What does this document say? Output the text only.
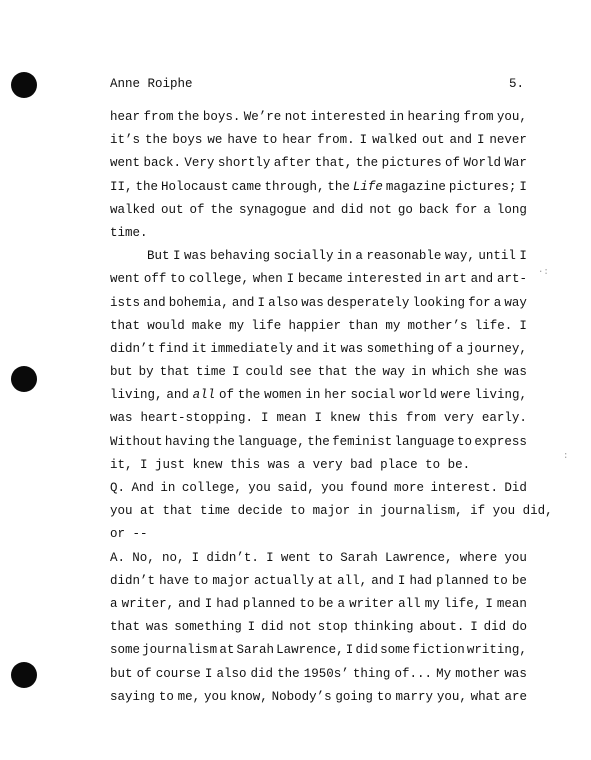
Anne Roiphe	5.
·:
:
hear from the boys. We’re not interested in hearing from you,
it’s the boys we have to hear from. I walked out and I never
went back. Very shortly after that, the pictures of World War
II, the Holocaust came through, the Life magazine pictures; I
walked out of the synagogue and did not go back for a long
time.
But I was behaving socially in a reasonable way, until I
went off to college, when I became interested in art and art-
ists and bohemia, and I also was desperately looking for a way
that would make my life happier than my mother’s life. I
didn’t find it immediately and it was something of a journey,
but by that time I could see that the way in which she was
living, and all of the women in her social world were living,
was heart-stopping. I mean I knew this from very early.
Without having the language, the feminist language to express
it, I just knew this was a very bad place to be.
Q. And in college, you said, you found more interest. Did
you at that time decide to major in journalism, if you did,
or --
A. No, no, I didn’t. I went to Sarah Lawrence, where you
didn’t have to major actually at all, and I had planned to be
a writer, and I had planned to be a writer all my life, I mean
that was something I did not stop thinking about. I did do
some journalism at Sarah Lawrence, I did some fiction writing,
but of course I also did the 1950s’ thing of... My mother was
saying to me, you know, Nobody’s going to marry you, what are
